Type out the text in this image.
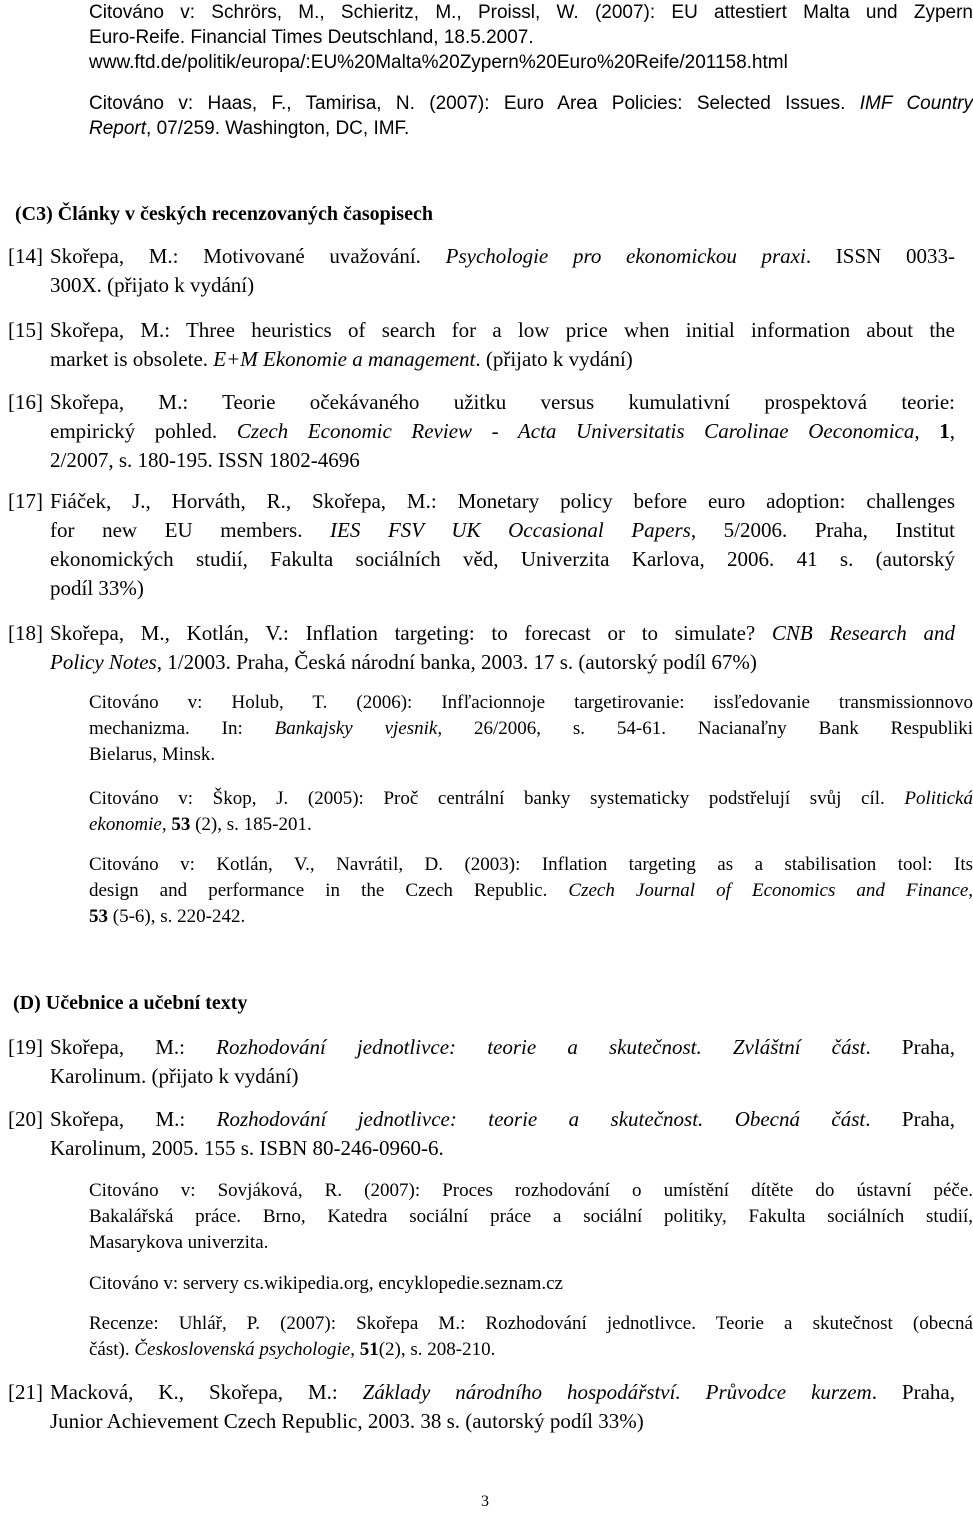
Citováno v: Schrörs, M., Schieritz, M., Proissl, W. (2007): EU attestiert Malta und Zypern
Euro-Reife. Financial Times Deutschland, 18.5.2007.
www.ftd.de/politik/europa/:EU%20Malta%20Zypern%20Euro%20Reife/201158.html
Citováno v: Haas, F., Tamirisa, N. (2007): Euro Area Policies: Selected Issues. IMF Country
Report, 07/259. Washington, DC, IMF.
(C3) Články v českých recenzovaných časopisech
[14] Skořepa, M.: Motivované uvažování. Psychologie pro ekonomickou praxi. ISSN 0033-
300X. (přijato k vydání)
[15] Skořepa, M.: Three heuristics of search for a low price when initial information about the
market is obsolete. E+M Ekonomie a management. (přijato k vydání)
[16] Skořepa, M.: Teorie očekávaného užitku versus kumulativní prospektová teorie:
empirický pohled. Czech Economic Review - Acta Universitatis Carolinae Oeconomica, 1,
2/2007, s. 180-195. ISSN 1802-4696
[17] Fiáček, J., Horváth, R., Skořepa, M.: Monetary policy before euro adoption: challenges
for new EU members. IES FSV UK Occasional Papers, 5/2006. Praha, Institut
ekonomických studií, Fakulta sociálních věd, Univerzita Karlova, 2006. 41 s. (autorský
podíl 33%)
[18] Skořepa, M., Kotlán, V.: Inflation targeting: to forecast or to simulate? CNB Research and
Policy Notes, 1/2003. Praha, Česká národní banka, 2003. 17 s. (autorský podíl 67%)
Citováno v: Holub, T. (2006): Infľacionnoje targetirovanie: issľedovanie transmissionnovo
mechanizma. In: Bankajsky vjesnik, 26/2006, s. 54-61. Nacianaľny Bank Respubliki
Bielarus, Minsk.
Citováno v: Škop, J. (2005): Proč centrální banky systematicky podstřelují svůj cíl. Politická
ekonomie, 53 (2), s. 185-201.
Citováno v: Kotlán, V., Navrátil, D. (2003): Inflation targeting as a stabilisation tool: Its
design and performance in the Czech Republic. Czech Journal of Economics and Finance,
53 (5-6), s. 220-242.
(D) Učebnice a učební texty
[19] Skořepa, M.: Rozhodování jednotlivce: teorie a skutečnost. Zvláštní část. Praha,
Karolinum. (přijato k vydání)
[20] Skořepa, M.: Rozhodování jednotlivce: teorie a skutečnost. Obecná část. Praha,
Karolinum, 2005. 155 s. ISBN 80-246-0960-6.
Citováno v: Sovjáková, R. (2007): Proces rozhodování o umístění dítěte do ústavní péče.
Bakalářská práce. Brno, Katedra sociální práce a sociální politiky, Fakulta sociálních studií,
Masarykova univerzita.
Citováno v: servery cs.wikipedia.org, encyklopedie.seznam.cz
Recenze: Uhlář, P. (2007): Skořepa M.: Rozhodování jednotlivce. Teorie a skutečnost (obecná
část). Československá psychologie, 51(2), s. 208-210.
[21] Macková, K., Skořepa, M.: Základy národního hospodářství. Průvodce kurzem. Praha,
Junior Achievement Czech Republic, 2003. 38 s. (autorský podíl 33%)
3
